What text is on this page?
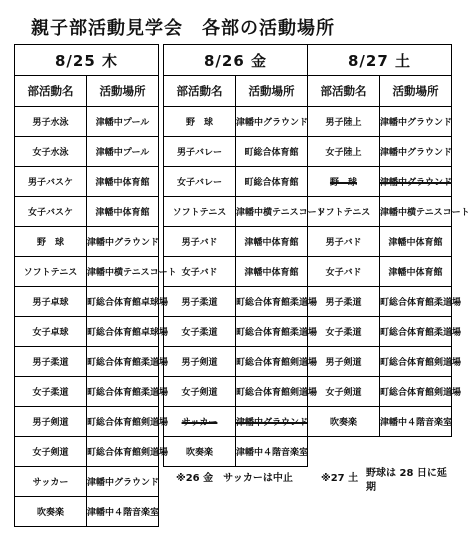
親子部活動見学会　各部の活動場所
8/25 木	
部活動名	活動場所
男子水泳	津幡中プール
女子水泳	津幡中プール
男子バスケ	津幡中体育館
女子バスケ	津幡中体育館
野　球	津幡中グラウンド
ソフトテニス	津幡中横テニスコート
男子卓球	町総合体育館卓球場
女子卓球	町総合体育館卓球場
男子柔道	町総合体育館柔道場
女子柔道	町総合体育館柔道場
男子剣道	町総合体育館剣道場
女子剣道	町総合体育館剣道場
サッカー	津幡中グラウンド
吹奏楽	津幡中４階音楽室
8/26 金	
部活動名	活動場所
野　球	津幡中グラウンド
男子バレー	町総合体育館
女子バレー	町総合体育館
ソフトテニス	津幡中横テニスコート
男子バド	津幡中体育館
女子バド	津幡中体育館
男子柔道	町総合体育館柔道場
女子柔道	町総合体育館柔道場
男子剣道	町総合体育館剣道場
女子剣道	町総合体育館剣道場
サッカー	津幡中グラウンド
吹奏楽	津幡中４階音楽室
8/27 土	
部活動名	活動場所
男子陸上	津幡中グラウンド
女子陸上	津幡中グラウンド
野　球	津幡中グラウンド
ソフトテニス	津幡中横テニスコート
男子バド	津幡中体育館
女子バド	津幡中体育館
男子柔道	町総合体育館柔道場
女子柔道	町総合体育館柔道場
男子剣道	町総合体育館剣道場
女子剣道	町総合体育館剣道場
吹奏楽	津幡中４階音楽室
※26 金　サッカーは中止	※27 土 野球は 28 日に延期
